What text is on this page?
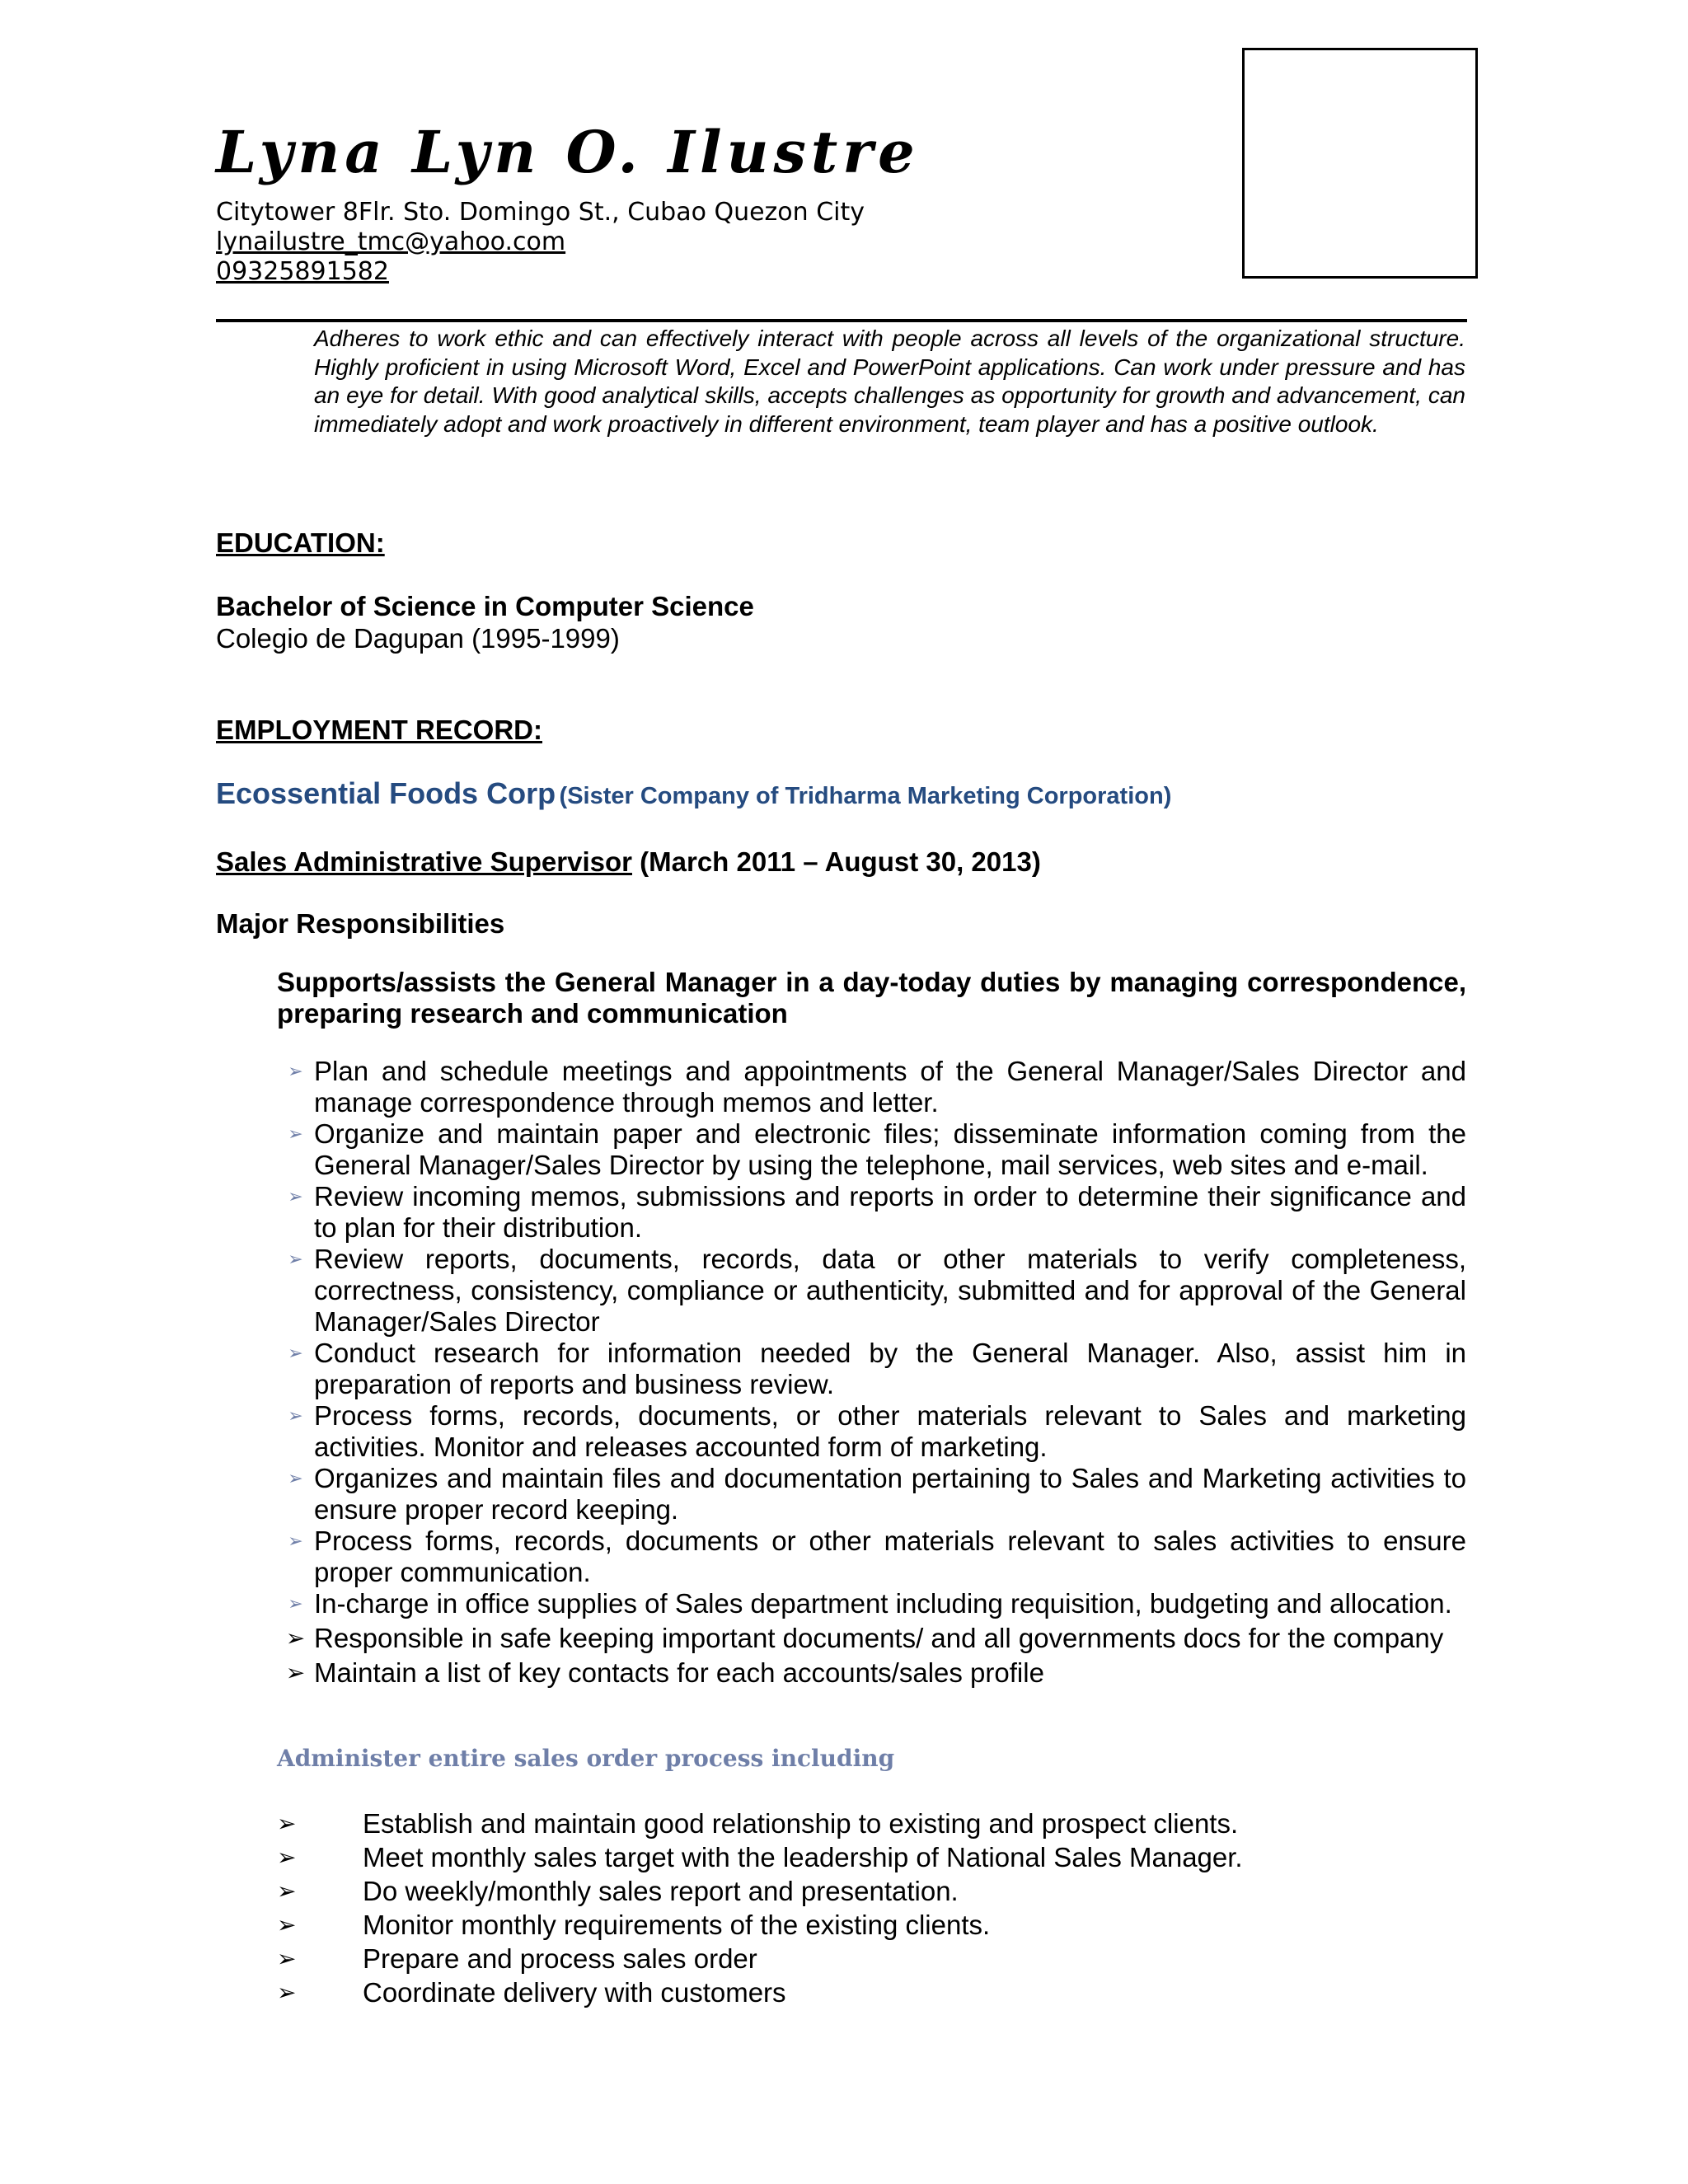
Lyna Lyn O. Ilustre
Citytower 8Flr. Sto. Domingo St., Cubao Quezon City
lynailustre_tmc@yahoo.com
09325891582

Adheres to work ethic and can effectively interact with people across all levels of the organizational structure. Highly proficient in using Microsoft Word, Excel and PowerPoint applications. Can work under pressure and has an eye for detail. With good analytical skills, accepts challenges as opportunity for growth and advancement, can immediately adopt and work proactively in different environment, team player and has a positive outlook.

EDUCATION:

Bachelor of Science in Computer Science

Colegio de Dagupan (1995-1999)

EMPLOYMENT RECORD:
Ecossential Foods Corp (Sister Company of Tridharma Marketing Corporation)
Sales Administrative Supervisor (March 2011 – August 30, 2013)

Major Responsibilities

Supports/assists the General Manager in a day-today duties by managing correspondence, preparing research and communication

➢ Plan and schedule meetings and appointments of the General Manager/Sales Director and manage correspondence through memos and letter.
➢ Organize and maintain paper and electronic files; disseminate information coming from the General Manager/Sales Director by using the telephone, mail services, web sites and e-mail.
➢ Review incoming memos, submissions and reports in order to determine their significance and to plan for their distribution.
➢ Review reports, documents, records, data or other materials to verify completeness, correctness, consistency, compliance or authenticity, submitted and for approval of the General Manager/Sales Director
➢ Conduct research for information needed by the General Manager. Also, assist him in preparation of reports and business review.
➢ Process forms, records, documents, or other materials relevant to Sales and marketing activities. Monitor and releases accounted form of marketing.
➢ Organizes and maintain files and documentation pertaining to Sales and Marketing activities to ensure proper record keeping.
➢ Process forms, records, documents or other materials relevant to sales activities to ensure proper communication.
➢ In-charge in office supplies of Sales department including requisition, budgeting and allocation.
➢ Responsible in safe keeping important documents/ and all governments docs for the company
➢ Maintain a list of key contacts for each accounts/sales profile

Administer entire sales order process including

➢	Establish and maintain good relationship to existing and prospect clients.
➢	Meet monthly sales target with the leadership of National Sales Manager.
➢	Do weekly/monthly sales report and presentation.
➢	Monitor monthly requirements of the existing clients.
➢	Prepare and process sales order
➢	Coordinate delivery with customers
